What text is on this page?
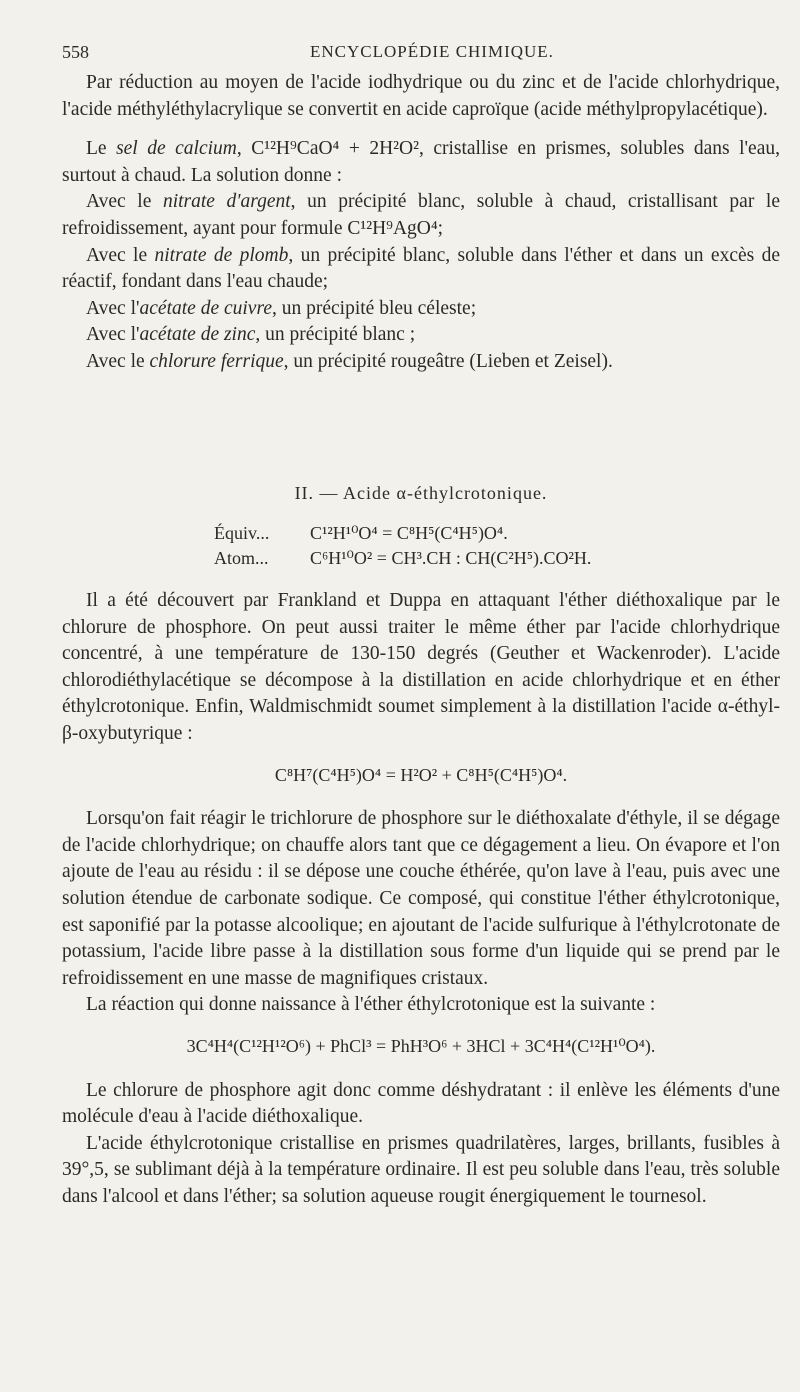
558	ENCYCLOPÉDIE CHIMIQUE.

Par réduction au moyen de l'acide iodhydrique ou du zinc et de l'acide chlorhydrique, l'acide méthyléthylacrylique se convertit en acide caproïque (acide méthylpropylacétique).

Le sel de calcium, C¹²H⁹CaO⁴ + 2H²O², cristallise en prismes, solubles dans l'eau, surtout à chaud. La solution donne :

Avec le nitrate d'argent, un précipité blanc, soluble à chaud, cristallisant par le refroidissement, ayant pour formule C¹²H⁹AgO⁴;

Avec le nitrate de plomb, un précipité blanc, soluble dans l'éther et dans un excès de réactif, fondant dans l'eau chaude;

Avec l'acétate de cuivre, un précipité bleu céleste;

Avec l'acétate de zinc, un précipité blanc ;

Avec le chlorure ferrique, un précipité rougeâtre (Lieben et Zeisel).

II. — Acide α-éthylcrotonique.

Équiv...	C¹²H¹⁰O⁴ = C⁸H⁵(C⁴H⁵)O⁴.
Atom...	C⁶H¹⁰O² = CH³.CH : CH(C²H⁵).CO²H.

Il a été découvert par Frankland et Duppa en attaquant l'éther diéthoxalique par le chlorure de phosphore. On peut aussi traiter le même éther par l'acide chlorhydrique concentré, à une température de 130-150 degrés (Geuther et Wackenroder). L'acide chlorodiéthylacétique se décompose à la distillation en acide chlorhydrique et en éther éthylcrotonique. Enfin, Waldmischmidt soumet simplement à la distillation l'acide α-éthyl-β-oxybutyrique :

C⁸H⁷(C⁴H⁵)O⁴ = H²O² + C⁸H⁵(C⁴H⁵)O⁴.

Lorsqu'on fait réagir le trichlorure de phosphore sur le diéthoxalate d'éthyle, il se dégage de l'acide chlorhydrique; on chauffe alors tant que ce dégagement a lieu. On évapore et l'on ajoute de l'eau au résidu : il se dépose une couche éthérée, qu'on lave à l'eau, puis avec une solution étendue de carbonate sodique. Ce composé, qui constitue l'éther éthylcrotonique, est saponifié par la potasse alcoolique; en ajoutant de l'acide sulfurique à l'éthylcrotonate de potassium, l'acide libre passe à la distillation sous forme d'un liquide qui se prend par le refroidissement en une masse de magnifiques cristaux.

La réaction qui donne naissance à l'éther éthylcrotonique est la suivante :

3C⁴H⁴(C¹²H¹²O⁶) + PhCl³ = PhH³O⁶ + 3HCl + 3C⁴H⁴(C¹²H¹⁰O⁴).

Le chlorure de phosphore agit donc comme déshydratant : il enlève les éléments d'une molécule d'eau à l'acide diéthoxalique.

L'acide éthylcrotonique cristallise en prismes quadrilatères, larges, brillants, fusibles à 39°,5, se sublimant déjà à la température ordinaire. Il est peu soluble dans l'eau, très soluble dans l'alcool et dans l'éther; sa solution aqueuse rougit énergiquement le tournesol.
